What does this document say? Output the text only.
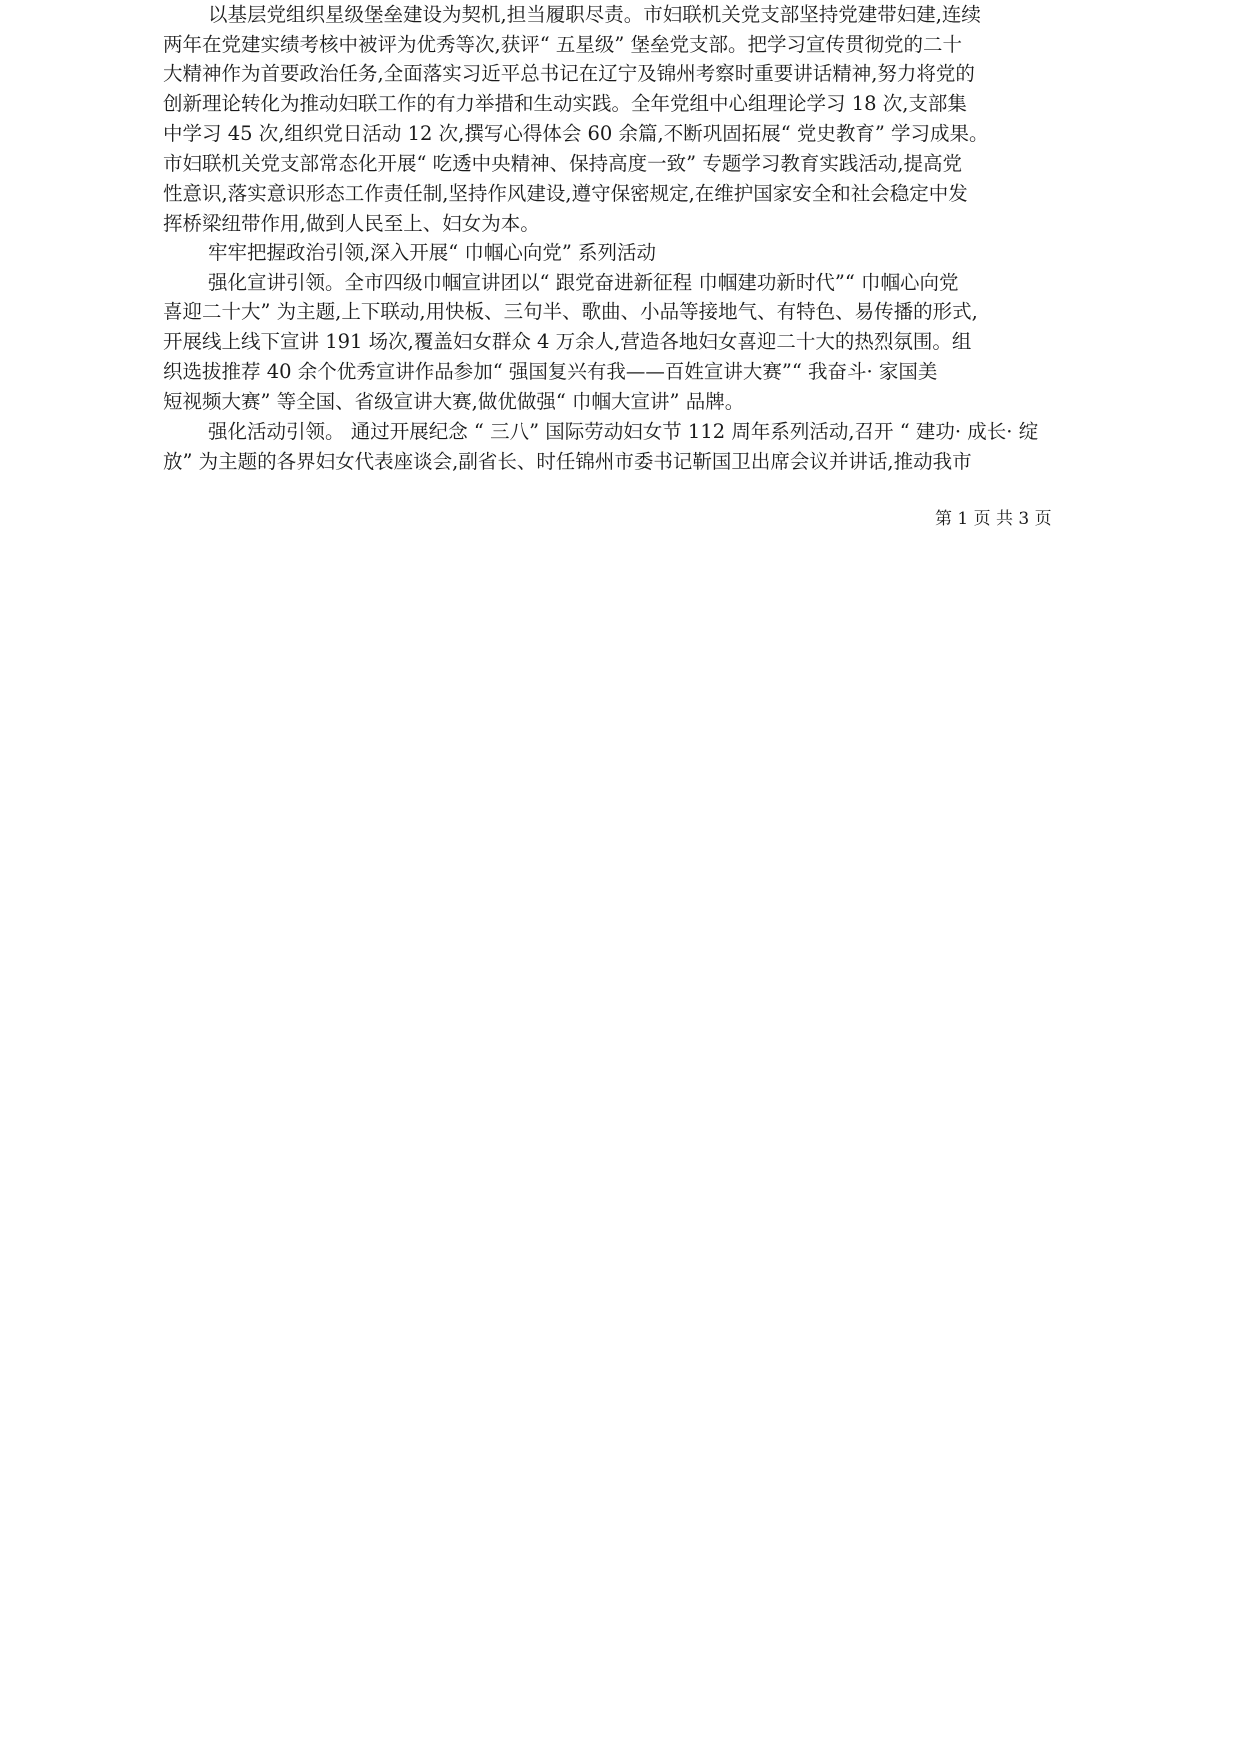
以基层党组织星级堡垒建设为契机,担当履职尽责。市妇联机关党支部坚持党建带妇建,连续
两年在党建实绩考核中被评为优秀等次,获评“ 五星级” 堡垒党支部。把学习宣传贯彻党的二十
大精神作为首要政治任务,全面落实习近平总书记在辽宁及锦州考察时重要讲话精神,努力将党的
创新理论转化为推动妇联工作的有力举措和生动实践。全年党组中心组理论学习 18 次,支部集
中学习 45 次,组织党日活动 12 次,撰写心得体会 60 余篇,不断巩固拓展“ 党史教育” 学习成果。
市妇联机关党支部常态化开展“ 吃透中央精神、保持高度一致” 专题学习教育实践活动,提高党
性意识,落实意识形态工作责任制,坚持作风建设,遵守保密规定,在维护国家安全和社会稳定中发
挥桥梁纽带作用,做到人民至上、妇女为本。
牢牢把握政治引领,深入开展“ 巾帼心向党” 系列活动
强化宣讲引领。全市四级巾帼宣讲团以“ 跟党奋进新征程 巾帼建功新时代”“ 巾帼心向党
喜迎二十大” 为主题,上下联动,用快板、三句半、歌曲、小品等接地气、有特色、易传播的形式,
开展线上线下宣讲 191 场次,覆盖妇女群众 4 万余人,营造各地妇女喜迎二十大的热烈氛围。组
织选拔推荐 40 余个优秀宣讲作品参加“ 强国复兴有我——百姓宣讲大赛”“ 我奋斗· 家国美
短视频大赛” 等全国、省级宣讲大赛,做优做强“ 巾帼大宣讲” 品牌。
强化活动引领。 通过开展纪念 “ 三八” 国际劳动妇女节 112 周年系列活动,召开 “ 建功· 成长· 绽
放” 为主题的各界妇女代表座谈会,副省长、时任锦州市委书记靳国卫出席会议并讲话,推动我市
第 1 页 共 3 页
